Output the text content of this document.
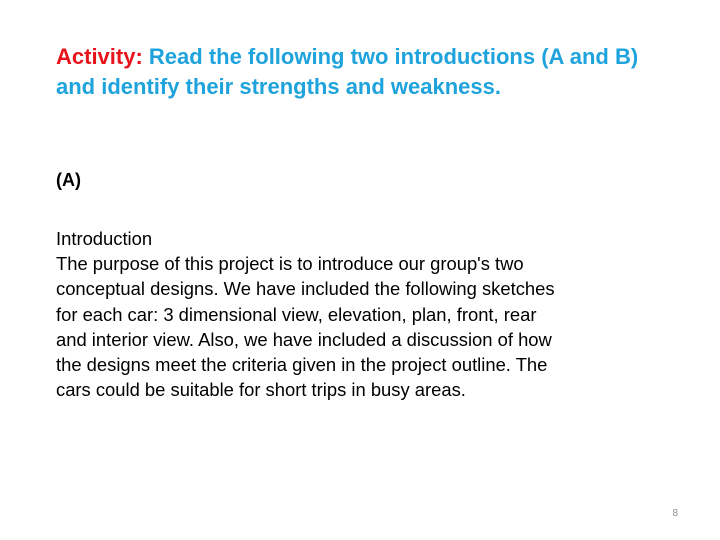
Activity: Read the following two introductions (A and B) and identify their strengths and weakness.

(A)

Introduction
The purpose of this project is to introduce our group's two
conceptual designs. We have included the following sketches
for each car: 3 dimensional view, elevation, plan, front, rear
and interior view. Also, we have included a discussion of how
the designs meet the criteria given in the project outline. The
cars could be suitable for short trips in busy areas.
8
